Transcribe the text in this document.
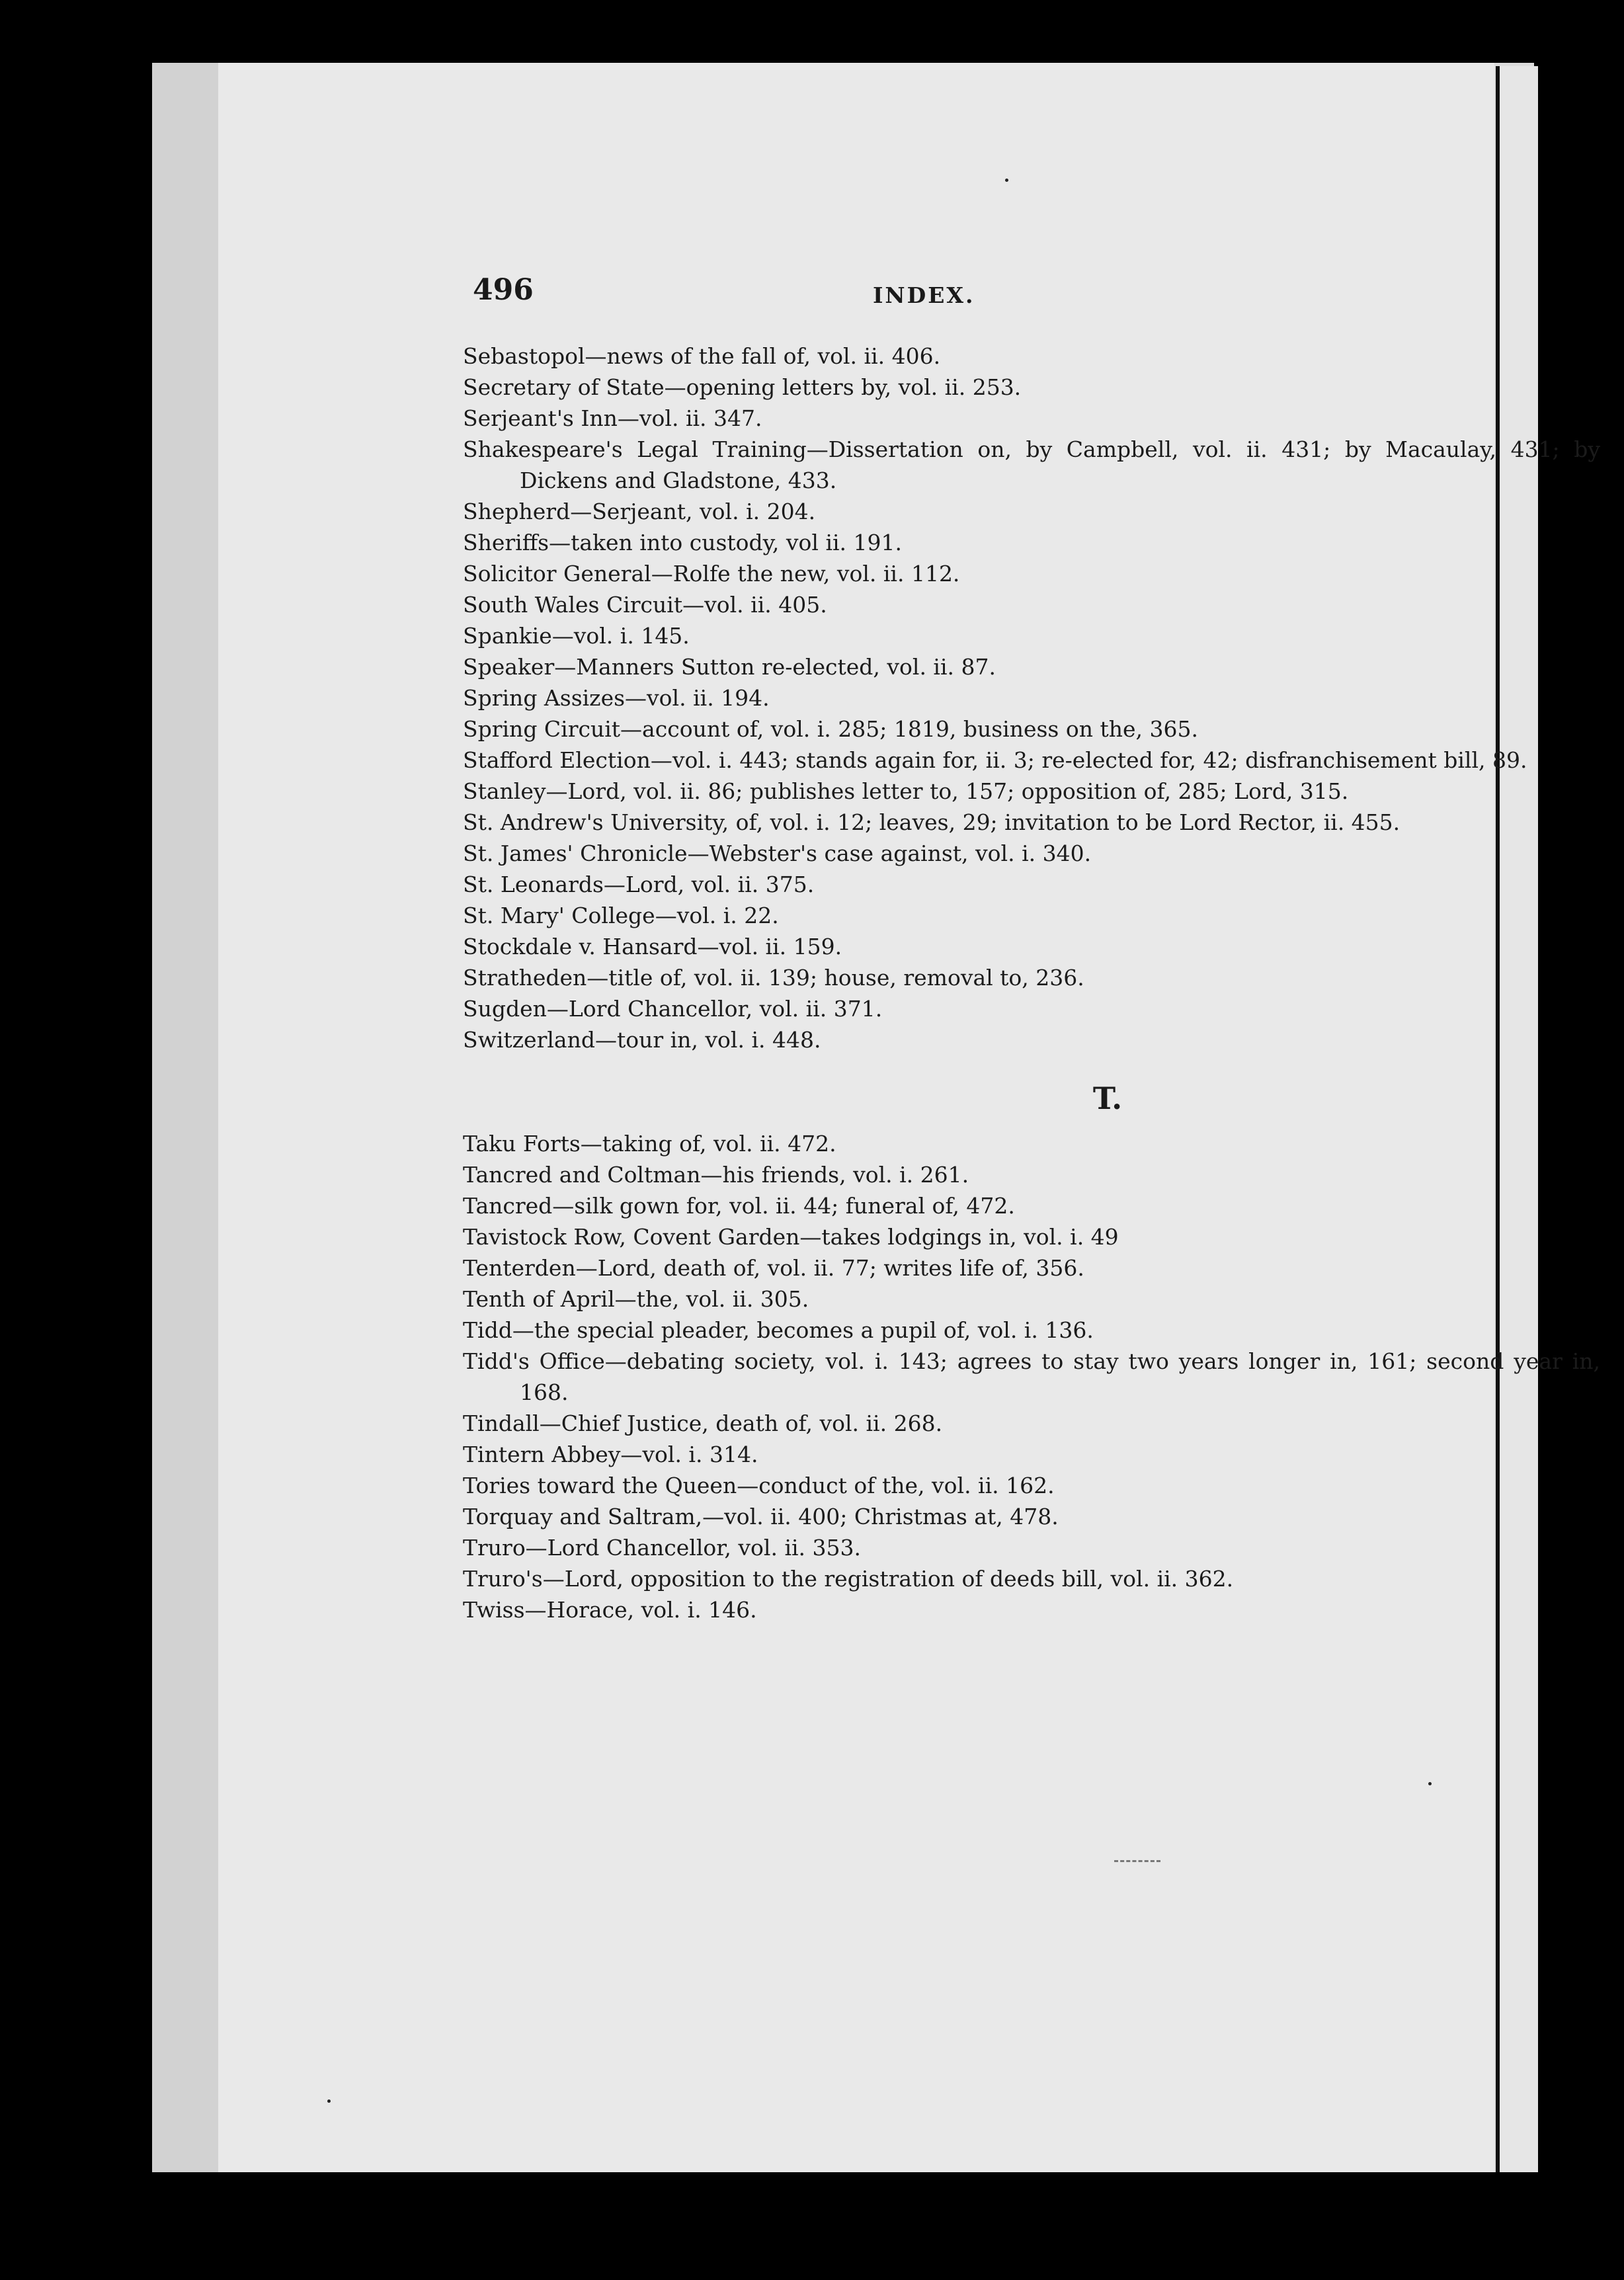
496	INDEX.
Sebastopol—news of the fall of, vol. ii. 406.
Secretary of State—opening letters by, vol. ii. 253.
Serjeant's Inn—vol. ii. 347.
Shakespeare's Legal Training—Dissertation on, by Campbell, vol. ii. 431; by Macaulay, 431; by Dickens and Gladstone, 433.
Shepherd—Serjeant, vol. i. 204.
Sheriffs—taken into custody, vol ii. 191.
Solicitor General—Rolfe the new, vol. ii. 112.
South Wales Circuit—vol. ii. 405.
Spankie—vol. i. 145.
Speaker—Manners Sutton re-elected, vol. ii. 87.
Spring Assizes—vol. ii. 194.
Spring Circuit—account of, vol. i. 285; 1819, business on the, 365.
Stafford Election—vol. i. 443; stands again for, ii. 3; re-elected for, 42; disfranchisement bill, 89.
Stanley—Lord, vol. ii. 86; publishes letter to, 157; opposition of, 285; Lord, 315.
St. Andrew's University, of, vol. i. 12; leaves, 29; invitation to be Lord Rector, ii. 455.
St. James' Chronicle—Webster's case against, vol. i. 340.
St. Leonards—Lord, vol. ii. 375.
St. Mary' College—vol. i. 22.
Stockdale v. Hansard—vol. ii. 159.
Stratheden—title of, vol. ii. 139; house, removal to, 236.
Sugden—Lord Chancellor, vol. ii. 371.
Switzerland—tour in, vol. i. 448.
T.
Taku Forts—taking of, vol. ii. 472.
Tancred and Coltman—his friends, vol. i. 261.
Tancred—silk gown for, vol. ii. 44; funeral of, 472.
Tavistock Row, Covent Garden—takes lodgings in, vol. i. 49
Tenterden—Lord, death of, vol. ii. 77; writes life of, 356.
Tenth of April—the, vol. ii. 305.
Tidd—the special pleader, becomes a pupil of, vol. i. 136.
Tidd's Office—debating society, vol. i. 143; agrees to stay two years longer in, 161; second year in, 168.
Tindall—Chief Justice, death of, vol. ii. 268.
Tintern Abbey—vol. i. 314.
Tories toward the Queen—conduct of the, vol. ii. 162.
Torquay and Saltram,—vol. ii. 400; Christmas at, 478.
Truro—Lord Chancellor, vol. ii. 353.
Truro's—Lord, opposition to the registration of deeds bill, vol. ii. 362.
Twiss—Horace, vol. i. 146.
